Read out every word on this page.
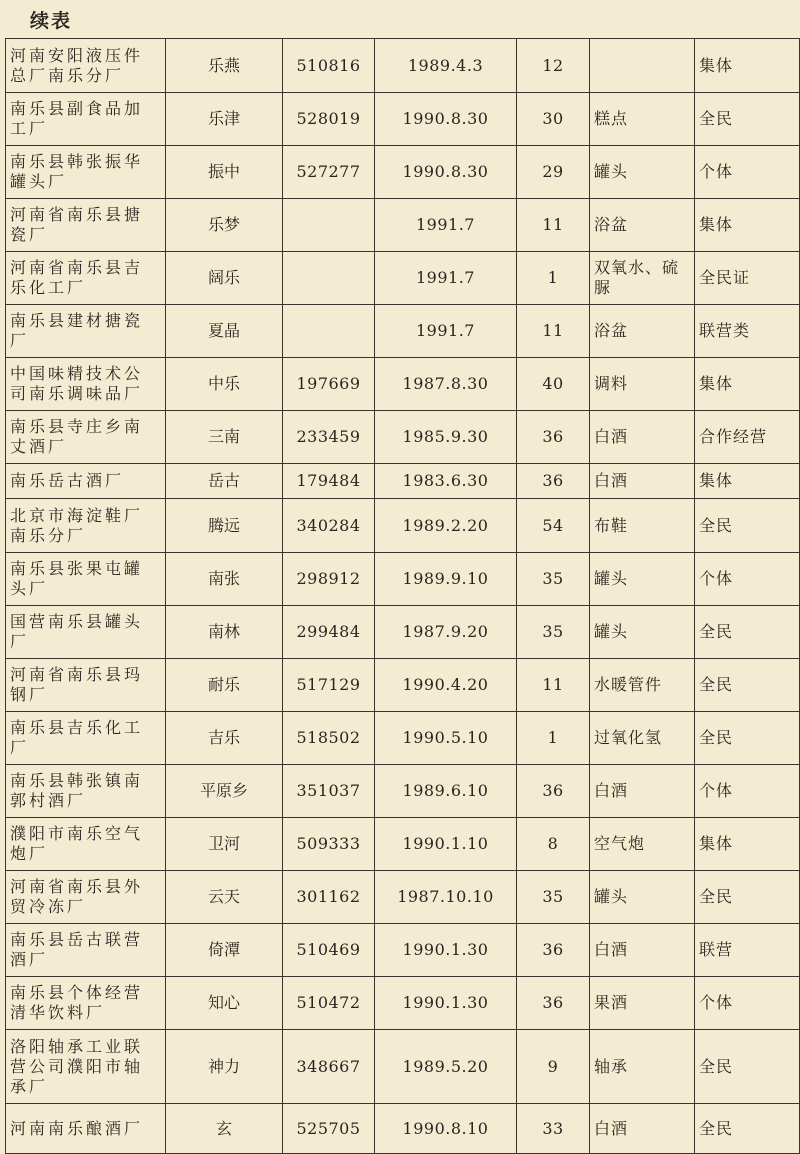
续表
河南安阳液压件总厂南乐分厂	乐燕	510816	1989.4.3	12		集体
南乐县副食品加工厂	乐津	528019	1990.8.30	30	糕点	全民
南乐县韩张振华罐头厂	振中	527277	1990.8.30	29	罐头	个体
河南省南乐县搪瓷厂	乐梦		1991.7	11	浴盆	集体
河南省南乐县吉乐化工厂	阔乐		1991.7	1	双氧水、硫脲	全民证
南乐县建材搪瓷厂	夏晶		1991.7	11	浴盆	联营类
中国味精技术公司南乐调味品厂	中乐	197669	1987.8.30	40	调料	集体
南乐县寺庄乡南丈酒厂	三南	233459	1985.9.30	36	白酒	合作经营
南乐岳古酒厂	岳古	179484	1983.6.30	36	白酒	集体
北京市海淀鞋厂南乐分厂	腾远	340284	1989.2.20	54	布鞋	全民
南乐县张果屯罐头厂	南张	298912	1989.9.10	35	罐头	个体
国营南乐县罐头厂	南林	299484	1987.9.20	35	罐头	全民
河南省南乐县玛钢厂	耐乐	517129	1990.4.20	11	水暖管件	全民
南乐县吉乐化工厂	吉乐	518502	1990.5.10	1	过氧化氢	全民
南乐县韩张镇南郭村酒厂	平原乡	351037	1989.6.10	36	白酒	个体
濮阳市南乐空气炮厂	卫河	509333	1990.1.10	8	空气炮	集体
河南省南乐县外贸冷冻厂	云天	301162	1987.10.10	35	罐头	全民
南乐县岳古联营酒厂	倚潭	510469	1990.1.30	36	白酒	联营
南乐县个体经营清华饮料厂	知心	510472	1990.1.30	36	果酒	个体
洛阳轴承工业联营公司濮阳市轴承厂	神力	348667	1989.5.20	9	轴承	全民
河南南乐酿酒厂	玄	525705	1990.8.10	33	白酒	全民
